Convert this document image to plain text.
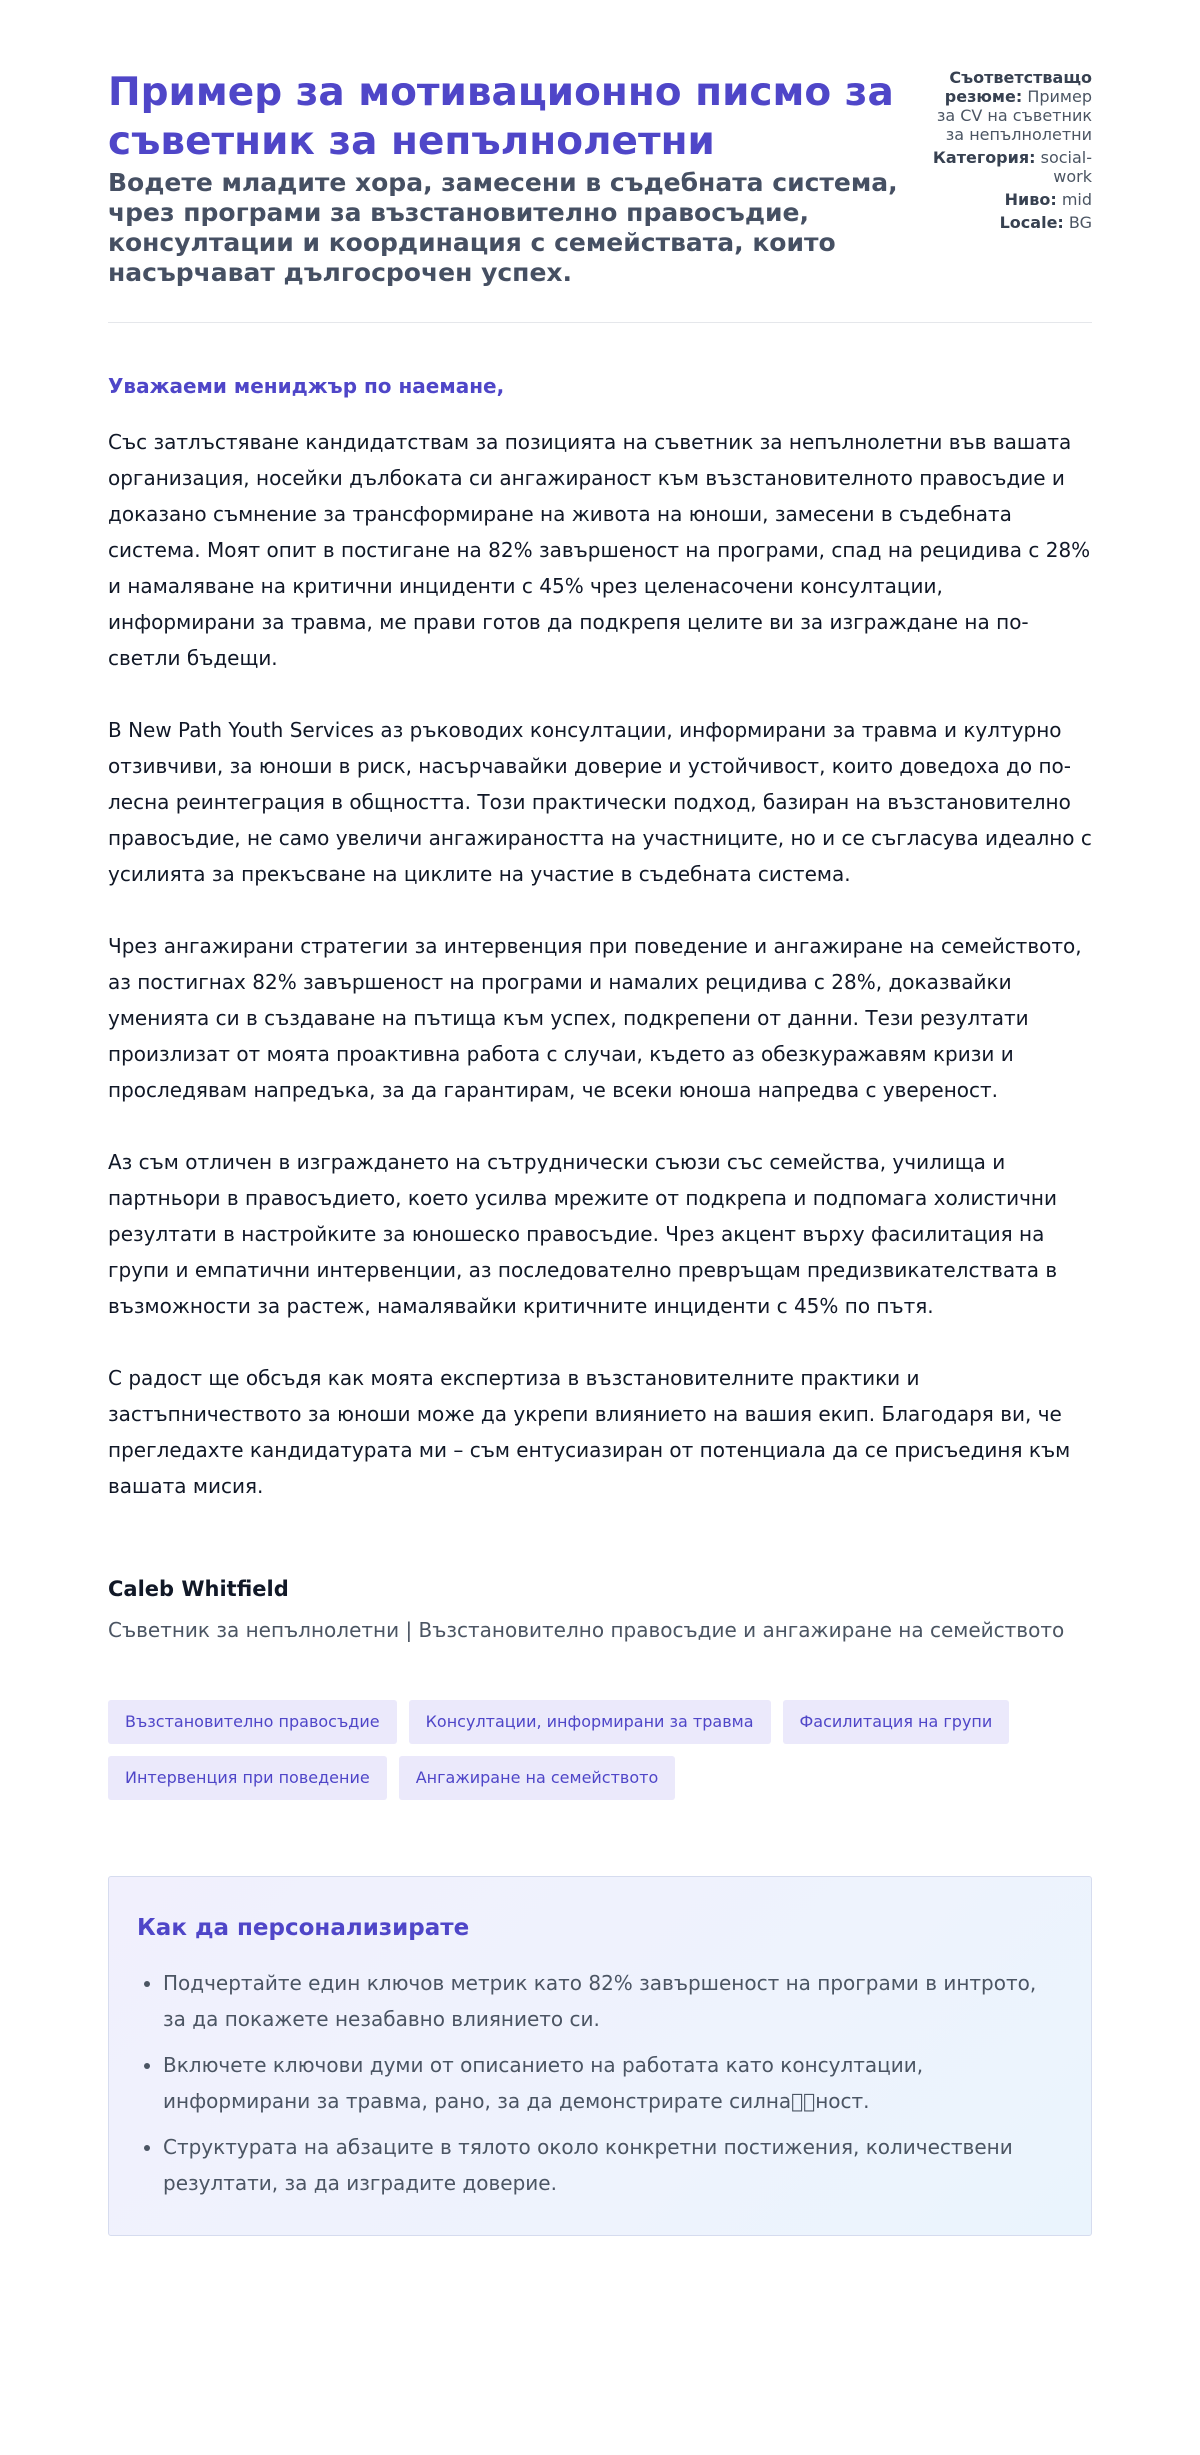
Пример за мотивационно писмо за съветник за непълнолетни
Водете младите хора, замесени в съдебната система, чрез програми за възстановително правосъдие, консултации и координация с семействата, които насърчават дългосрочен успех.
Съответстващо резюме: Пример за CV на съветник за непълнолетни
Категория: social-work
Ниво: mid
Locale: BG

Уважаеми мениджър по наемане,

Със затлъстяване кандидатствам за позицията на съветник за непълнолетни във вашата организация, носейки дълбоката си ангажираност към възстановителното правосъдие и доказано съмнение за трансформиране на живота на юноши, замесени в съдебната система. Моят опит в постигане на 82% завършеност на програми, спад на рецидива с 28% и намаляване на критични инциденти с 45% чрез целенасочени консултации, информирани за травма, ме прави готов да подкрепя целите ви за изграждане на по-светли бъдещи.

В New Path Youth Services аз ръководих консултации, информирани за травма и културно отзивчиви, за юноши в риск, насърчавайки доверие и устойчивост, които доведоха до по-лесна реинтеграция в общността. Този практически подход, базиран на възстановително правосъдие, не само увеличи ангажираността на участниците, но и се съгласува идеално с усилията за прекъсване на циклите на участие в съдебната система.

Чрез ангажирани стратегии за интервенция при поведение и ангажиране на семейството, аз постигнах 82% завършеност на програми и намалих рецидива с 28%, доказвайки уменията си в създаване на пътища към успех, подкрепени от данни. Тези резултати произлизат от моята проактивна работа с случаи, където аз обезкуражавям кризи и проследявам напредъка, за да гарантирам, че всеки юноша напредва с увереност.

Аз съм отличен в изграждането на сътруднически съюзи със семейства, училища и партньори в правосъдието, което усилва мрежите от подкрепа и подпомага холистични резултати в настройките за юношеско правосъдие. Чрез акцент върху фасилитация на групи и емпатични интервенции, аз последователно превръщам предизвикателствата в възможности за растеж, намалявайки критичните инциденти с 45% по пътя.

С радост ще обсъдя как моята експертиза в възстановителните практики и застъпничеството за юноши може да укрепи влиянието на вашия екип. Благодаря ви, че прегледахте кандидатурата ми – съм ентусиазиран от потенциала да се присъединя към вашата мисия.

Caleb Whitfield
Съветник за непълнолетни | Възстановително правосъдие и ангажиране на семейството
Възстановително правосъдие	Консултации, информирани за травма	Фасилитация на групи
Интервенция при поведение	Ангажиране на семейството
Как да персонализирате
• Подчертайте един ключов метрик като 82% завършеност на програми в интрото, за да покажете незабавно влиянието си.
• Включете ключови думи от описанието на работата като консултации, информирани за травма, рано, за да демонстрирате силна  ност.
• Структурата на абзаците в тялото около конкретни постижения, количествени резултати, за да изградите доверие.
